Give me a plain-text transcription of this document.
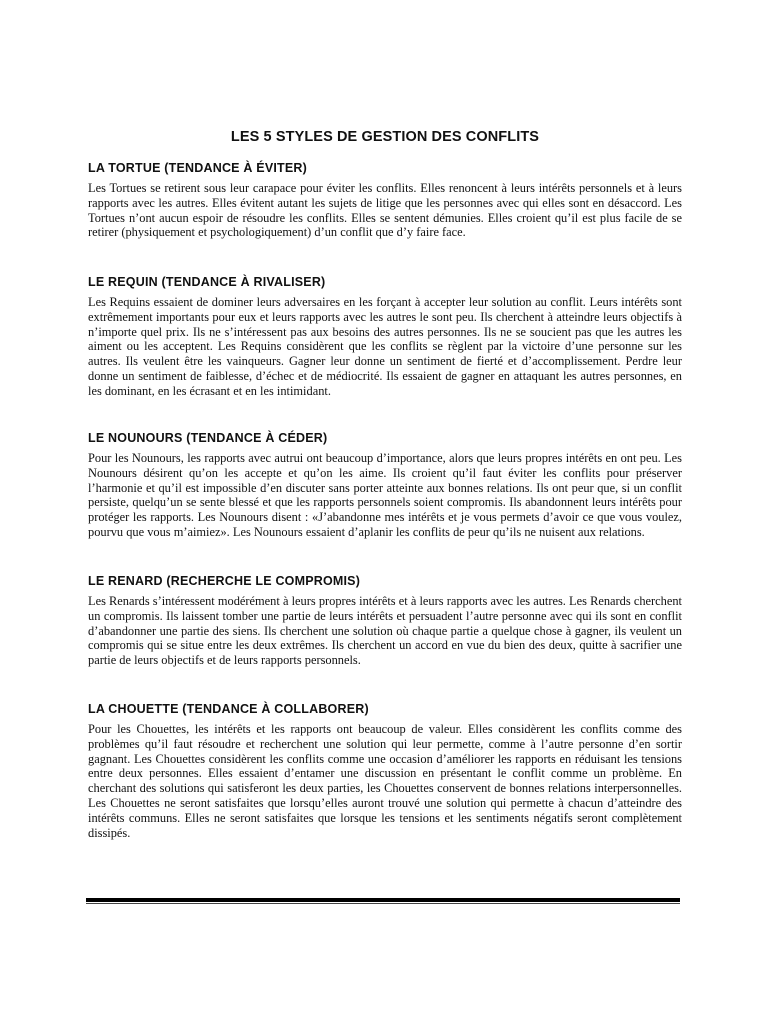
LES 5 STYLES DE GESTION DES CONFLITS
LA TORTUE (TENDANCE À ÉVITER)

Les Tortues se retirent sous leur carapace pour éviter les conflits. Elles renoncent à leurs intérêts personnels et à leurs rapports avec les autres. Elles évitent autant les sujets de litige que les personnes avec qui elles sont en désaccord. Les Tortues n’ont aucun espoir de résoudre les conflits. Elles se sentent démunies. Elles croient qu’il est plus facile de se retirer (physiquement et psychologiquement) d’un conflit que d’y faire face.

LE REQUIN (TENDANCE À RIVALISER)

Les Requins essaient de dominer leurs adversaires en les forçant à accepter leur solution au conflit. Leurs intérêts sont extrêmement importants pour eux et leurs rapports avec les autres le sont peu. Ils cherchent à atteindre leurs objectifs à n’importe quel prix. Ils ne s’intéressent pas aux besoins des autres personnes. Ils ne se soucient pas que les autres les aiment ou les acceptent. Les Requins considèrent que les conflits se règlent par la victoire d’une personne sur les autres. Ils veulent être les vainqueurs. Gagner leur donne un sentiment de fierté et d’accomplissement. Perdre leur donne un sentiment de faiblesse, d’échec et de médiocrité. Ils essaient de gagner en attaquant les autres personnes, en les dominant, en les écrasant et en les intimidant.

LE NOUNOURS (TENDANCE À CÉDER)

Pour les Nounours, les rapports avec autrui ont beaucoup d’importance, alors que leurs propres intérêts en ont peu. Les Nounours désirent qu’on les accepte et qu’on les aime. Ils croient qu’il faut éviter les conflits pour préserver l’harmonie et qu’il est impossible d’en discuter sans porter atteinte aux bonnes relations. Ils ont peur que, si un conflit persiste, quelqu’un se sente blessé et que les rapports personnels soient compromis. Ils abandonnent leurs intérêts pour protéger les rapports. Les Nounours disent : «J’abandonne mes intérêts et je vous permets d’avoir ce que vous voulez, pourvu que vous m’aimiez». Les Nounours essaient d’aplanir les conflits de peur qu’ils ne nuisent aux relations.

LE RENARD (RECHERCHE LE COMPROMIS)

Les Renards s’intéressent modérément à leurs propres intérêts et à leurs rapports avec les autres. Les Renards cherchent un compromis. Ils laissent tomber une partie de leurs intérêts et persuadent l’autre personne avec qui ils sont en conflit d’abandonner une partie des siens. Ils cherchent une solution où chaque partie a quelque chose à gagner, ils veulent un compromis qui se situe entre les deux extrêmes. Ils cherchent un accord en vue du bien des deux, quitte à sacrifier une partie de leurs objectifs et de leurs rapports personnels.

LA CHOUETTE (TENDANCE À COLLABORER)

Pour les Chouettes, les intérêts et les rapports ont beaucoup de valeur. Elles considèrent les conflits comme des problèmes qu’il faut résoudre et recherchent une solution qui leur permette, comme à l’autre personne d’en sortir gagnant. Les Chouettes considèrent les conflits comme une occasion d’améliorer les rapports en réduisant les tensions entre deux personnes. Elles essaient d’entamer une discussion en présentant le conflit comme un problème. En cherchant des solutions qui satisferont les deux parties, les Chouettes conservent de bonnes relations interpersonnelles. Les Chouettes ne seront satisfaites que lorsqu’elles auront trouvé une solution qui permette à chacun d’atteindre des intérêts communs. Elles ne seront satisfaites que lorsque les tensions et les sentiments négatifs seront complètement dissipés.
